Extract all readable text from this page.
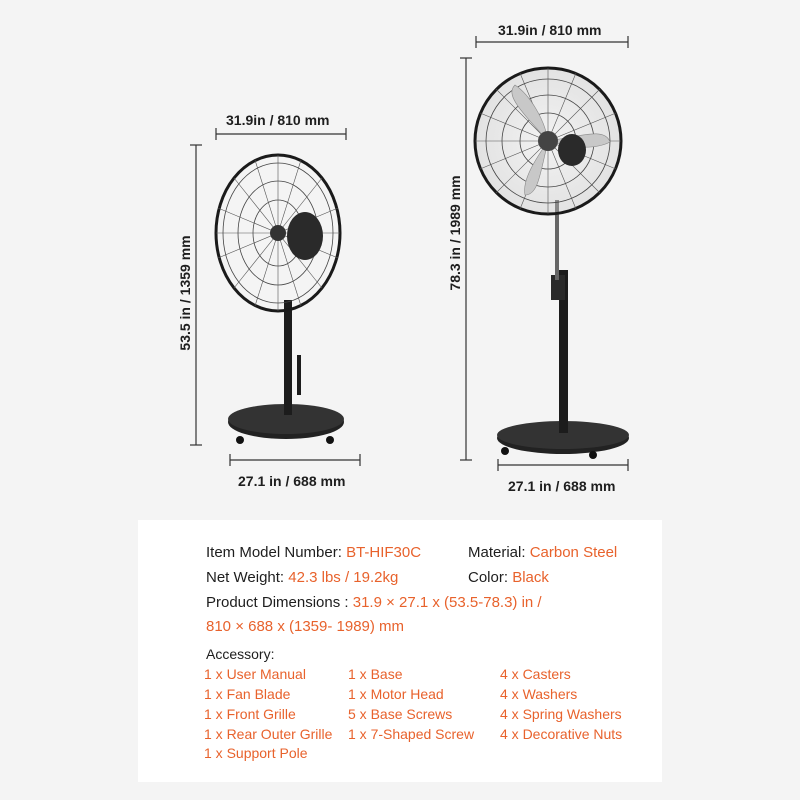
31.9in / 810 mm
53.5 in / 1359 mm
27.1 in / 688 mm
31.9in / 810 mm
78.3 in / 1989 mm
27.1 in / 688 mm
Item Model Number: BT-HIF30C	Material: Carbon Steel
Net Weight: 42.3 lbs / 19.2kg	Color: Black
Product Dimensions : 31.9 × 27.1 x (53.5-78.3) in /
810 × 688 x (1359- 1989) mm
Accessory:
1 x User Manual
1 x Fan Blade
1 x Front Grille
1 x Rear Outer Grille
1 x Support Pole
1 x Base
1 x Motor Head
5 x Base Screws
1 x 7-Shaped Screw
4 x Casters
4 x Washers
4 x Spring Washers
4 x Decorative Nuts
